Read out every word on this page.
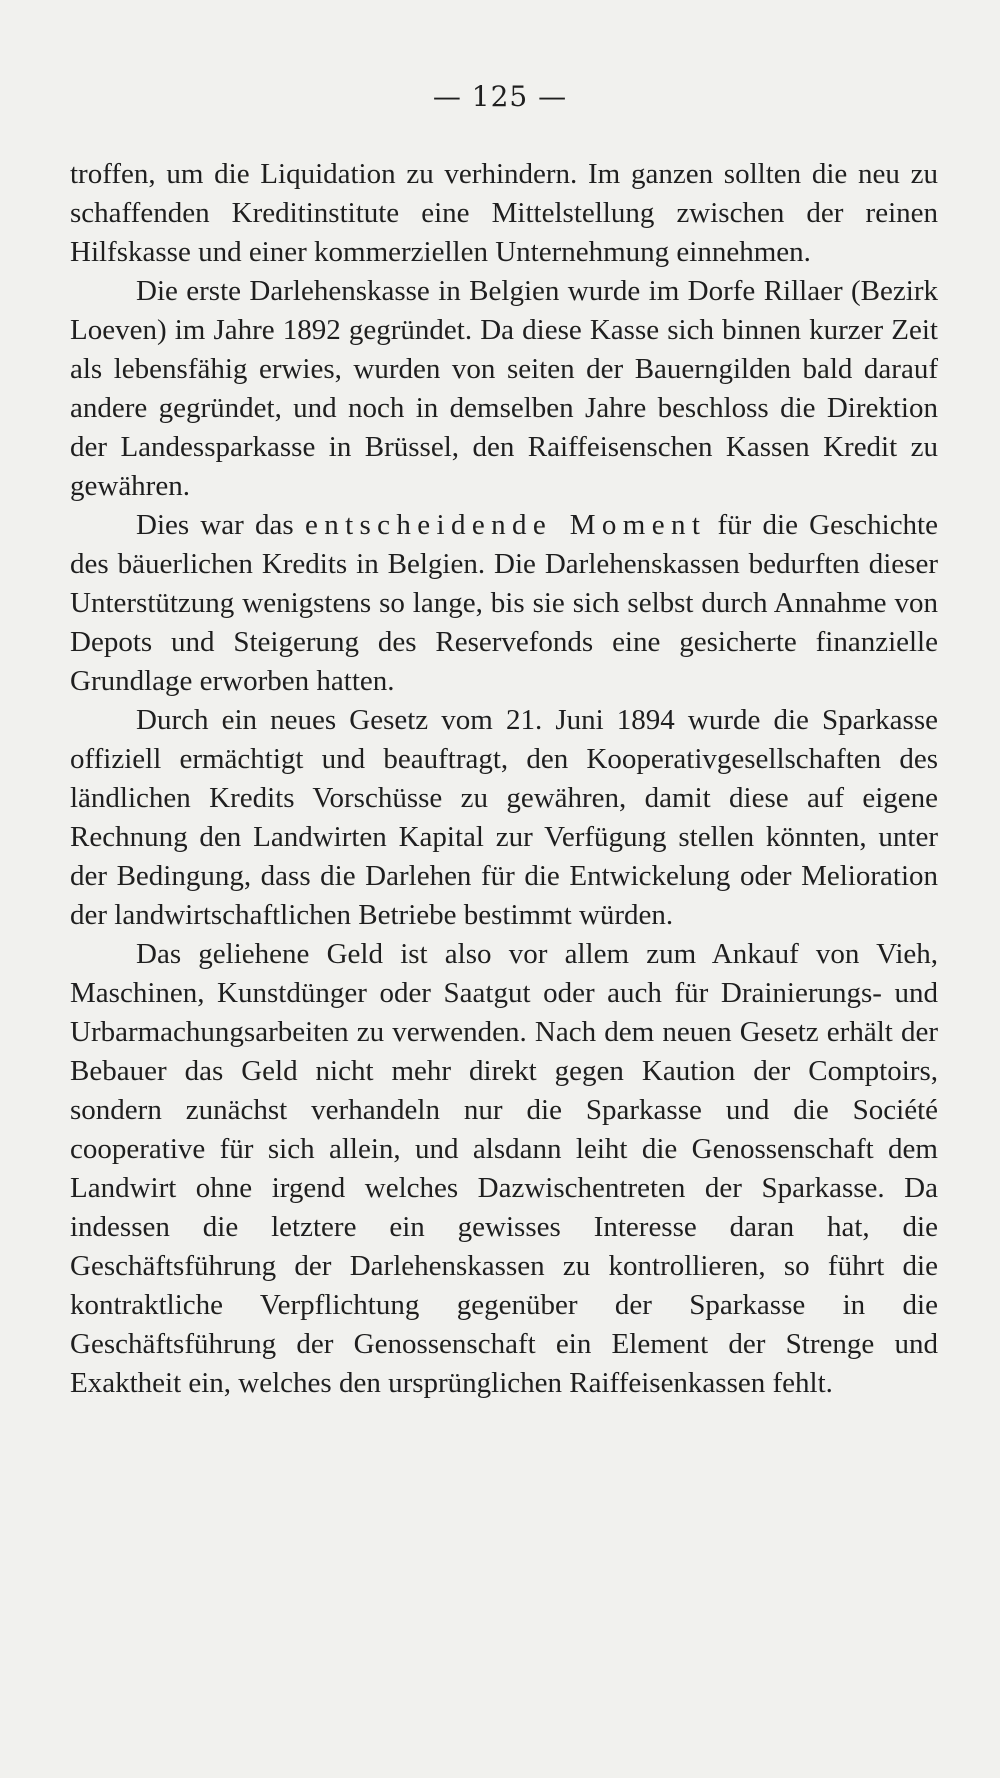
— 125 —

troffen, um die Liquidation zu verhindern. Im ganzen sollten die neu zu schaffenden Kreditinstitute eine Mittelstellung zwischen der reinen Hilfskasse und einer kommerziellen Unternehmung einnehmen.

Die erste Darlehenskasse in Belgien wurde im Dorfe Rillaer (Bezirk Loeven) im Jahre 1892 gegründet. Da diese Kasse sich binnen kurzer Zeit als lebensfähig erwies, wurden von seiten der Bauerngilden bald darauf andere gegründet, und noch in demselben Jahre beschloss die Direktion der Landessparkasse in Brüssel, den Raiffeisenschen Kassen Kredit zu gewähren.

Dies war das entscheidende Moment für die Geschichte des bäuerlichen Kredits in Belgien. Die Darlehenskassen bedurften dieser Unterstützung wenigstens so lange, bis sie sich selbst durch Annahme von Depots und Steigerung des Reservefonds eine gesicherte finanzielle Grundlage erworben hatten.

Durch ein neues Gesetz vom 21. Juni 1894 wurde die Sparkasse offiziell ermächtigt und beauftragt, den Kooperativgesellschaften des ländlichen Kredits Vorschüsse zu gewähren, damit diese auf eigene Rechnung den Landwirten Kapital zur Verfügung stellen könnten, unter der Bedingung, dass die Darlehen für die Entwickelung oder Melioration der landwirtschaftlichen Betriebe bestimmt würden.

Das geliehene Geld ist also vor allem zum Ankauf von Vieh, Maschinen, Kunstdünger oder Saatgut oder auch für Drainierungs- und Urbarmachungsarbeiten zu verwenden. Nach dem neuen Gesetz erhält der Bebauer das Geld nicht mehr direkt gegen Kaution der Comptoirs, sondern zunächst verhandeln nur die Sparkasse und die Société cooperative für sich allein, und alsdann leiht die Genossenschaft dem Landwirt ohne irgend welches Dazwischentreten der Sparkasse. Da indessen die letztere ein gewisses Interesse daran hat, die Geschäftsführung der Darlehenskassen zu kontrollieren, so führt die kontraktliche Verpflichtung gegenüber der Sparkasse in die Geschäftsführung der Genossenschaft ein Element der Strenge und Exaktheit ein, welches den ursprünglichen Raiffeisenkassen fehlt.
